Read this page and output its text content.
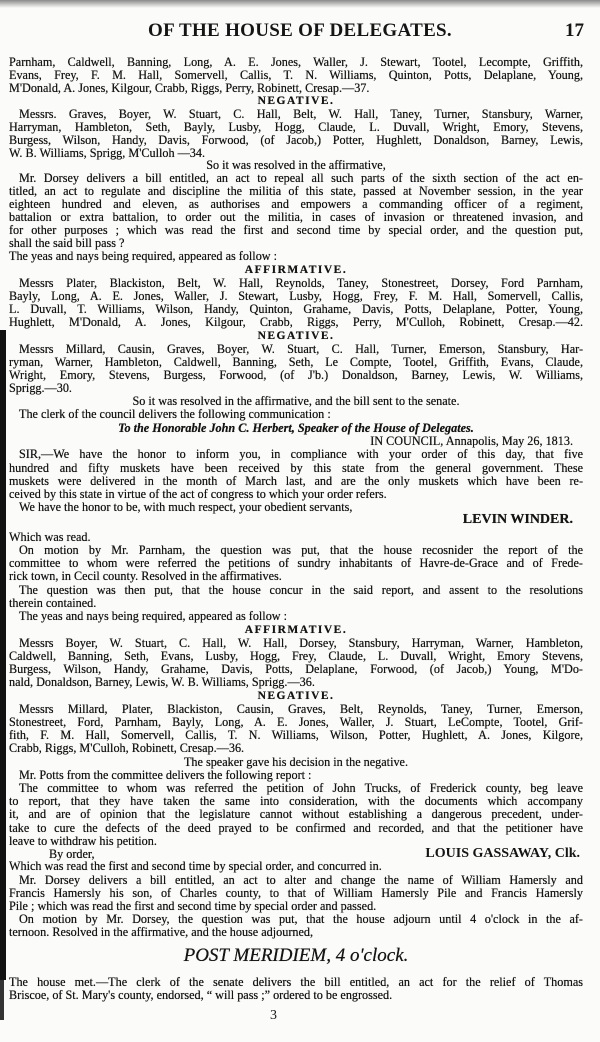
OF THE HOUSE OF DELEGATES.	17
Parnham, Caldwell, Banning, Long, A. E. Jones, Waller, J. Stewart, Tootel, Lecompte, Griffith,
Evans, Frey, F. M. Hall, Somervell, Callis, T. N. Williams, Quinton, Potts, Delaplane, Young,
M'Donald, A. Jones, Kilgour, Crabb, Riggs, Perry, Robinett, Cresap.—37.
NEGATIVE.
Messrs. Graves, Boyer, W. Stuart, C. Hall, Belt, W. Hall, Taney, Turner, Stansbury, Warner,
Harryman, Hambleton, Seth, Bayly, Lusby, Hogg, Claude, L. Duvall, Wright, Emory, Stevens,
Burgess, Wilson, Handy, Davis, Forwood, (of Jacob,) Potter, Hughlett, Donaldson, Barney, Lewis,
W. B. Williams, Sprigg, M'Culloh —34.
So it was resolved in the affirmative,
Mr. Dorsey delivers a bill entitled, an act to repeal all such parts of the sixth section of the act en-
titled, an act to regulate and discipline the militia of this state, passed at November session, in the year
eighteen hundred and eleven, as authorises and empowers a commanding officer of a regiment,
battalion or extra battalion, to order out the militia, in cases of invasion or threatened invasion, and
for other purposes ; which was read the first and second time by special order, and the question put,
shall the said bill pass ?
The yeas and nays being required, appeared as follow :
AFFIRMATIVE.
Messrs Plater, Blackiston, Belt, W. Hall, Reynolds, Taney, Stonestreet, Dorsey, Ford Parnham,
Bayly, Long, A. E. Jones, Waller, J. Stewart, Lusby, Hogg, Frey, F. M. Hall, Somervell, Callis,
L. Duvall, T. Williams, Wilson, Handy, Quinton, Grahame, Davis, Potts, Delaplane, Potter, Young,
Hughlett, M'Donald, A. Jones, Kilgour, Crabb, Riggs, Perry, M'Culloh, Robinett, Cresap.—42.
NEGATIVE.
Messrs Millard, Causin, Graves, Boyer, W. Stuart, C. Hall, Turner, Emerson, Stansbury, Har-
ryman, Warner, Hambleton, Caldwell, Banning, Seth, Le Compte, Tootel, Griffith, Evans, Claude,
Wright, Emory, Stevens, Burgess, Forwood, (of J'b.) Donaldson, Barney, Lewis, W. Williams,
Sprigg.—30.
So it was resolved in the affirmative, and the bill sent to the senate.
The clerk of the council delivers the following communication :
To the Honorable John C. Herbert, Speaker of the House of Delegates.
IN COUNCIL, Annapolis, May 26, 1813.
SIR,—We have the honor to inform you, in compliance with your order of this day, that five
hundred and fifty muskets have been received by this state from the general government. These
muskets were delivered in the month of March last, and are the only muskets which have been re-
ceived by this state in virtue of the act of congress to which your order refers.
We have the honor to be, with much respect, your obedient servants,
LEVIN WINDER.
Which was read.
On motion by Mr. Parnham, the question was put, that the house recosnider the report of the
committee to whom were referred the petitions of sundry inhabitants of Havre-de-Grace and of Frede-
rick town, in Cecil county. Resolved in the affirmatives.
The question was then put, that the house concur in the said report, and assent to the resolutions
therein contained.
The yeas and nays being required, appeared as follow :
AFFIRMATIVE.
Messrs Boyer, W. Stuart, C. Hall, W. Hall, Dorsey, Stansbury, Harryman, Warner, Hambleton,
Caldwell, Banning, Seth, Evans, Lusby, Hogg, Frey, Claude, L. Duvall, Wright, Emory Stevens,
Burgess, Wilson, Handy, Grahame, Davis, Potts, Delaplane, Forwood, (of Jacob,) Young, M'Do-
nald, Donaldson, Barney, Lewis, W. B. Williams, Sprigg.—36.
NEGATIVE.
Messrs Millard, Plater, Blackiston, Causin, Graves, Belt, Reynolds, Taney, Turner, Emerson,
Stonestreet, Ford, Parnham, Bayly, Long, A. E. Jones, Waller, J. Stuart, LeCompte, Tootel, Grif-
fith, F. M. Hall, Somervell, Callis, T. N. Williams, Wilson, Potter, Hughlett, A. Jones, Kilgore,
Crabb, Riggs, M'Culloh, Robinett, Cresap.—36.
The speaker gave his decision in the negative.
Mr. Potts from the committee delivers the following report :
The committee to whom was referred the petition of John Trucks, of Frederick county, beg leave
to report, that they have taken the same into consideration, with the documents which accompany
it, and are of opinion that the legislature cannot without establishing a dangerous precedent, under-
take to cure the defects of the deed prayed to be confirmed and recorded, and that the petitioner have
leave to withdraw his petition.
By order,
Which was read the first and second time by special order, and concurred in.
Mr. Dorsey delivers a bill entitled, an act to alter and change the name of William Hamersly and
Francis Hamersly his son, of Charles county, to that of William Hamersly Pile and Francis Hamersly
Pile ; which was read the first and second time by special order and passed.
On motion by Mr. Dorsey, the question was put, that the house adjourn until 4 o'clock in the af-
ternoon. Resolved in the affirmative, and the house adjourned,
POST MERIDIEM, 4 o'clock.
The house met.—The clerk of the senate delivers the bill entitled, an act for the relief of Thomas
Briscoe, of St. Mary's county, endorsed, “ will pass ;” ordered to be engrossed.
LOUIS GASSAWAY, Clk.
3
